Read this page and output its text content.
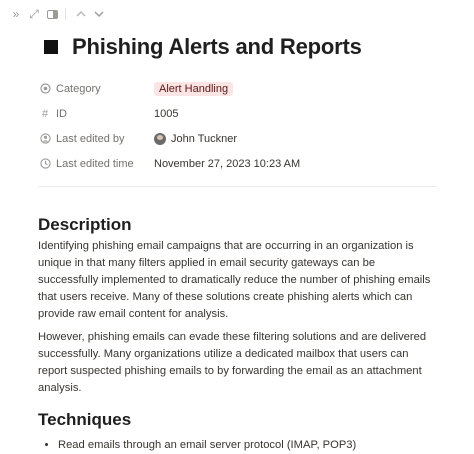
» ⤢
Phishing Alerts and Reports
Category	Alert Handling
# ID	1005
Last edited by	John Tuckner
Last edited time November 27, 2023 10:23 AM
Description

Identifying phishing email campaigns that are occurring in an organization is unique in that many filters applied in email security gateways can be successfully implemented to dramatically reduce the number of phishing emails that users receive. Many of these solutions create phishing alerts which can provide raw email content for analysis.

However, phishing emails can evade these filtering solutions and are delivered successfully. Many organizations utilize a dedicated mailbox that users can report suspected phishing emails to by forwarding the email as an attachment analysis.

Techniques
• Read emails through an email server protocol (IMAP, POP3)
